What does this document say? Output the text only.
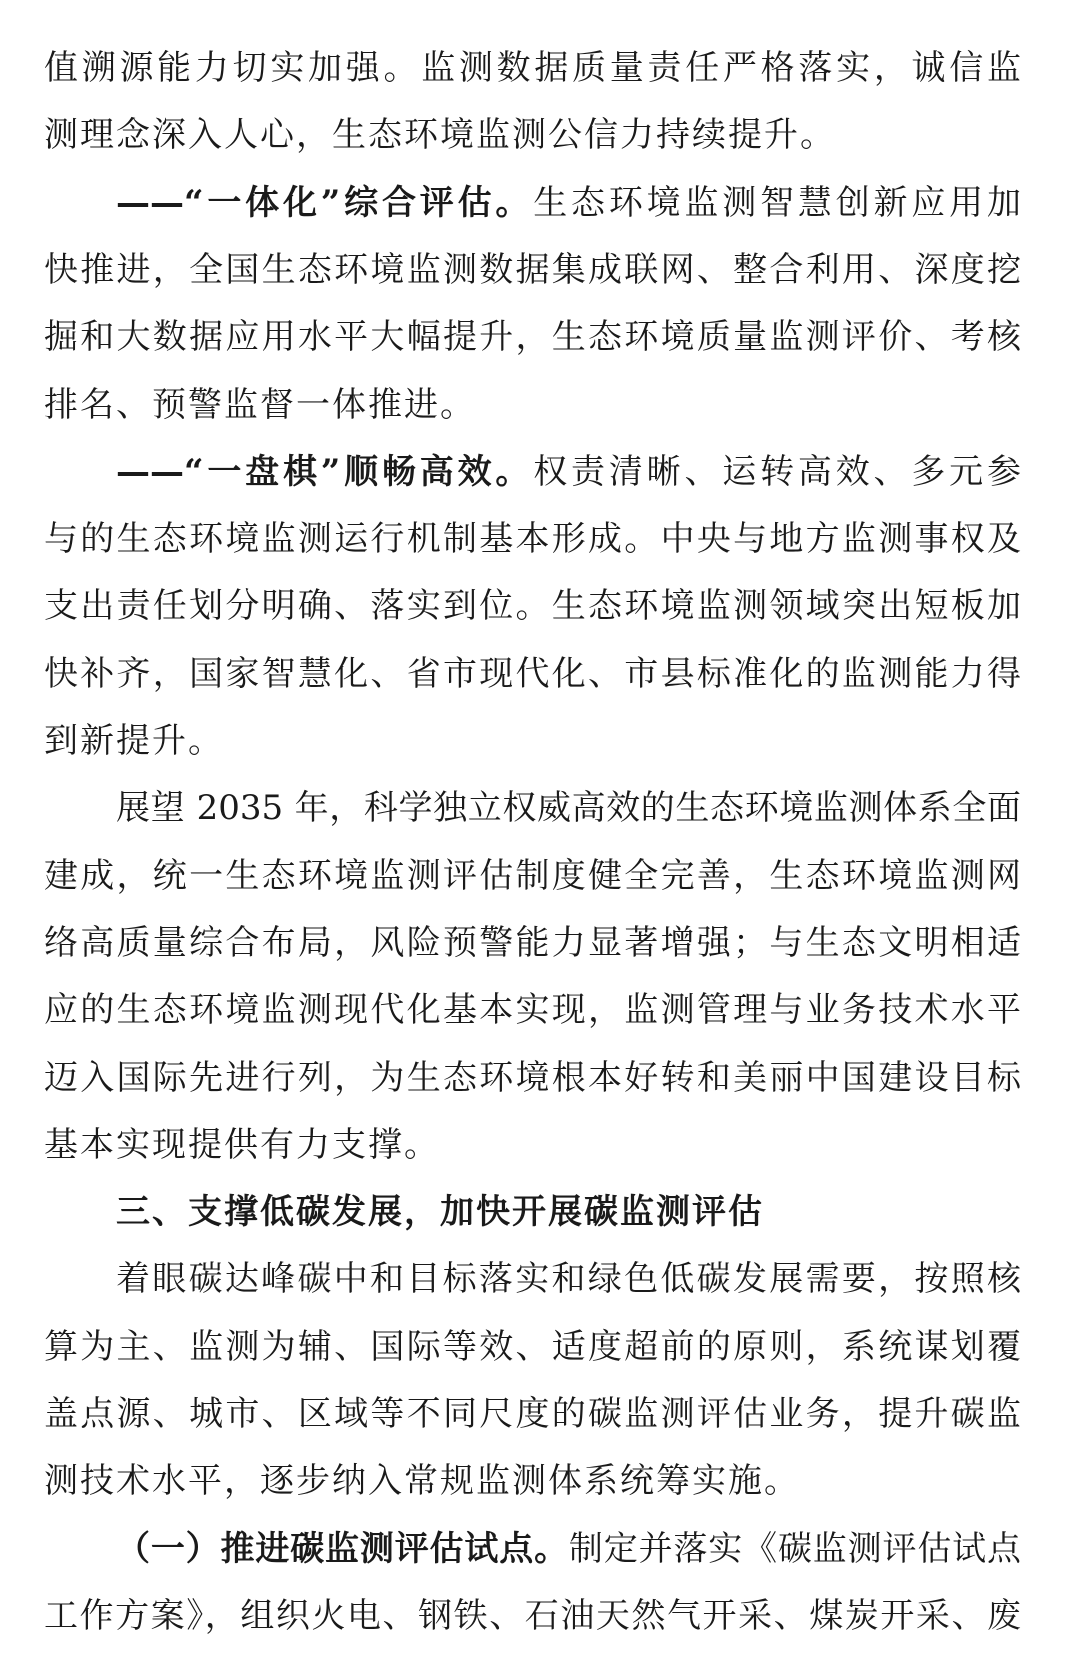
值溯源能力切实加强。监测数据质量责任严格落实，诚信监
测理念深入人心，生态环境监测公信力持续提升。
——“一体化”综合评估。生态环境监测智慧创新应用加
快推进，全国生态环境监测数据集成联网、整合利用、深度挖
掘和大数据应用水平大幅提升，生态环境质量监测评价、考核
排名、预警监督一体推进。
——“一盘棋”顺畅高效。权责清晰、运转高效、多元参
与的生态环境监测运行机制基本形成。中央与地方监测事权及
支出责任划分明确、落实到位。生态环境监测领域突出短板加
快补齐，国家智慧化、省市现代化、市县标准化的监测能力得
到新提升。
展望 2035 年，科学独立权威高效的生态环境监测体系全面
建成，统一生态环境监测评估制度健全完善，生态环境监测网
络高质量综合布局，风险预警能力显著增强；与生态文明相适
应的生态环境监测现代化基本实现，监测管理与业务技术水平
迈入国际先进行列，为生态环境根本好转和美丽中国建设目标
基本实现提供有力支撑。
三、支撑低碳发展，加快开展碳监测评估
着眼碳达峰碳中和目标落实和绿色低碳发展需要，按照核
算为主、监测为辅、国际等效、适度超前的原则，系统谋划覆
盖点源、城市、区域等不同尺度的碳监测评估业务，提升碳监
测技术水平，逐步纳入常规监测体系统筹实施。
（一）推进碳监测评估试点。制定并落实《碳监测评估试点
工作方案》，组织火电、钢铁、石油天然气开采、煤炭开采、废
